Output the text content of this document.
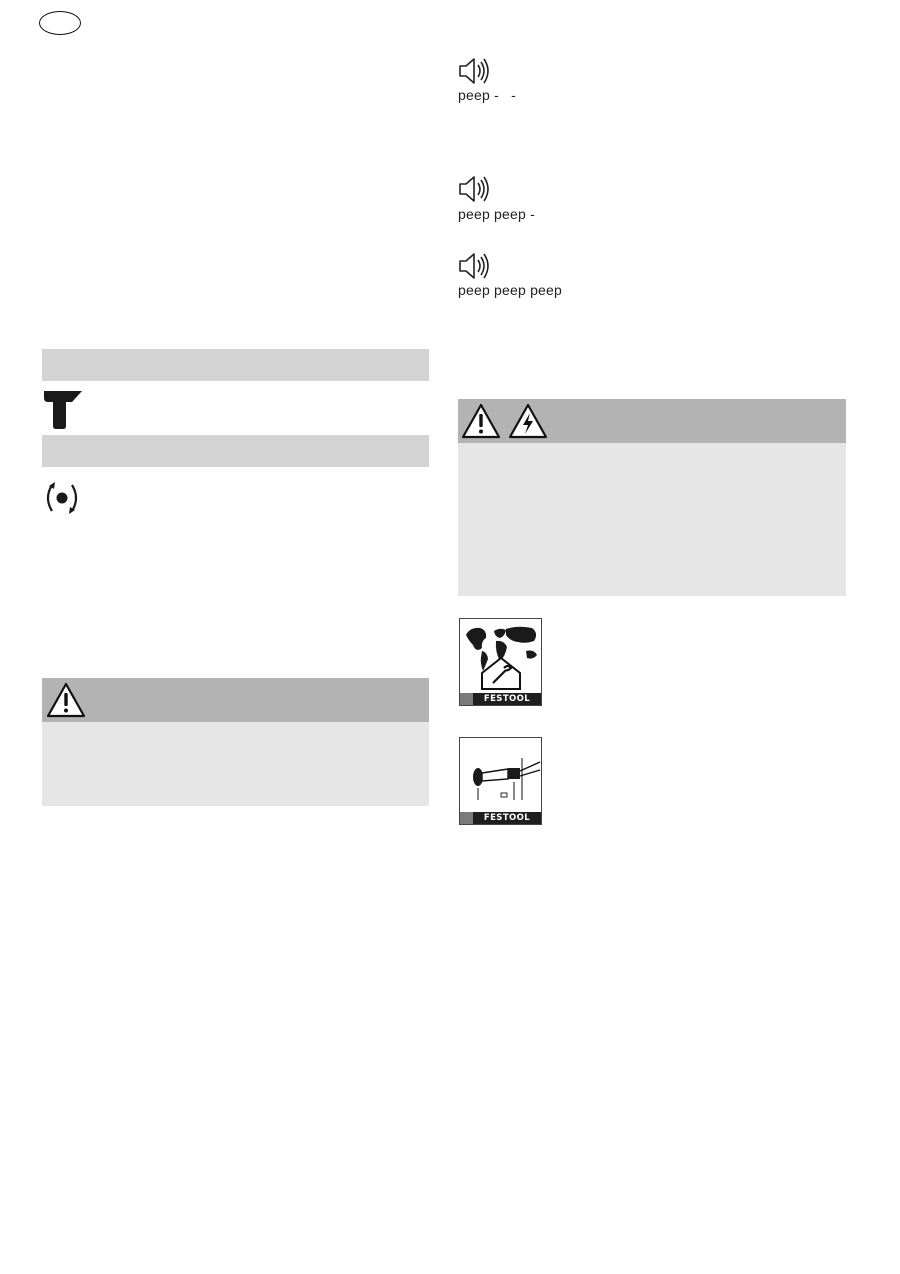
peep -   -
peep peep -
peep peep peep
FESTOOL
FESTOOL
